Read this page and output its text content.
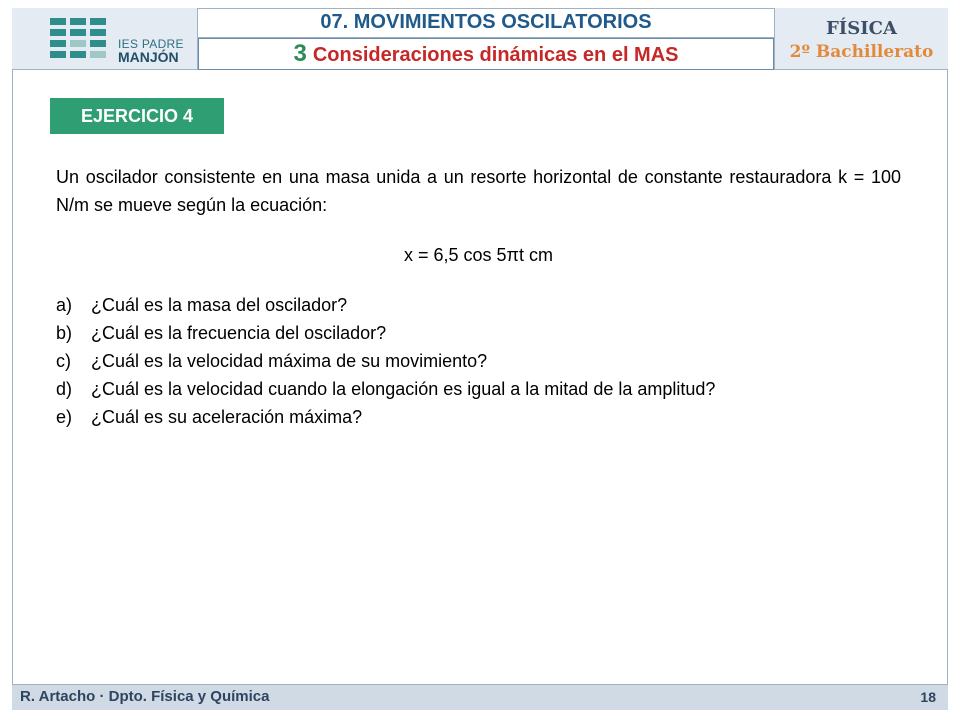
IES PADRE
MANJÓN
07. MOVIMIENTOS OSCILATORIOS
3 Consideraciones dinámicas en el MAS
FÍSICA
2º Bachillerato
EJERCICIO 4

Un oscilador consistente en una masa unida a un resorte horizontal de constante restauradora k = 100 N/m se mueve según la ecuación:

x = 6,5 cos 5πt cm
a) ¿Cuál es la masa del oscilador?
b) ¿Cuál es la frecuencia del oscilador?
c) ¿Cuál es la velocidad máxima de su movimiento?
d) ¿Cuál es la velocidad cuando la elongación es igual a la mitad de la amplitud?
e) ¿Cuál es su aceleración máxima?
R. Artacho · Dpto. Física y Química	18
